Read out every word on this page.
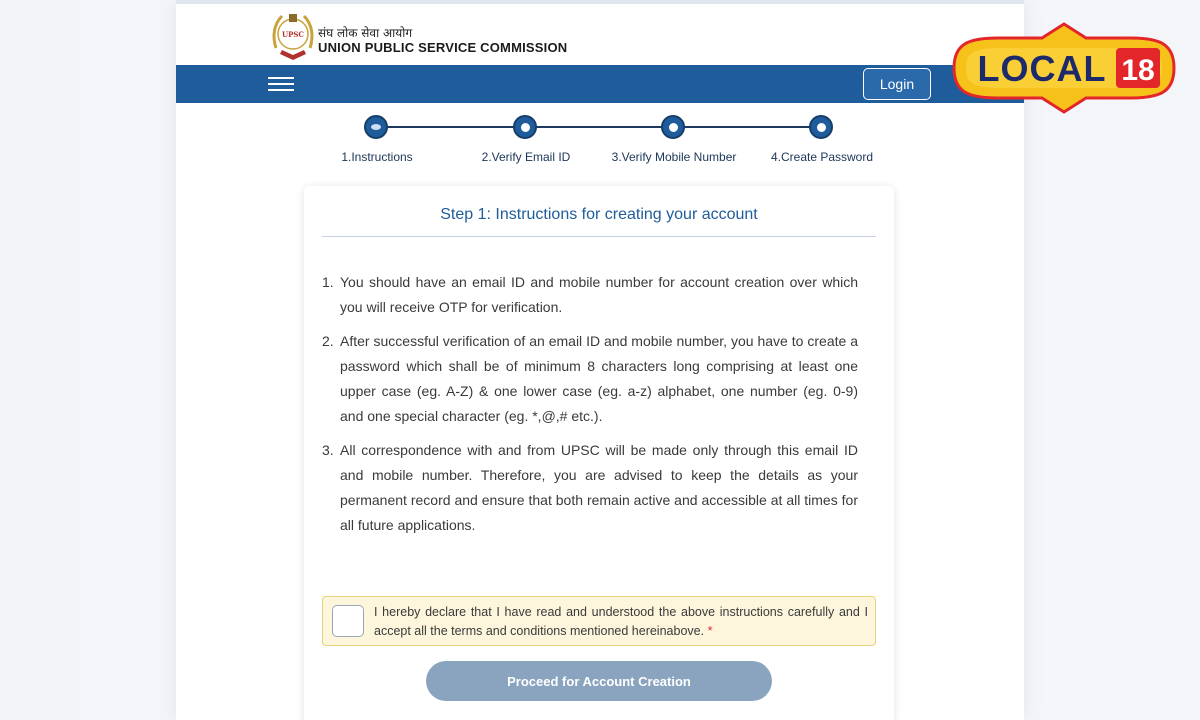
UPSC संघ लोक सेवा आयोग
UNION PUBLIC SERVICE COMMISSION
Login
1.Instructions	2.Verify Email ID	3.Verify Mobile Number	4.Create Password
Step 1: Instructions for creating your account
1. You should have an email ID and mobile number for account creation over which you will receive OTP for verification.
2. After successful verification of an email ID and mobile number, you have to create a password which shall be of minimum 8 characters long comprising at least one upper case (eg. A-Z) & one lower case (eg. a-z) alphabet, one number (eg. 0-9) and one special character (eg. *,@,# etc.).
3. All correspondence with and from UPSC will be made only through this email ID and mobile number. Therefore, you are advised to keep the details as your permanent record and ensure that both remain active and accessible at all times for all future applications.
I hereby declare that I have read and understood the above instructions carefully and I accept all the terms and conditions mentioned hereinabove. *
Proceed for Account Creation
LOCAL 18
